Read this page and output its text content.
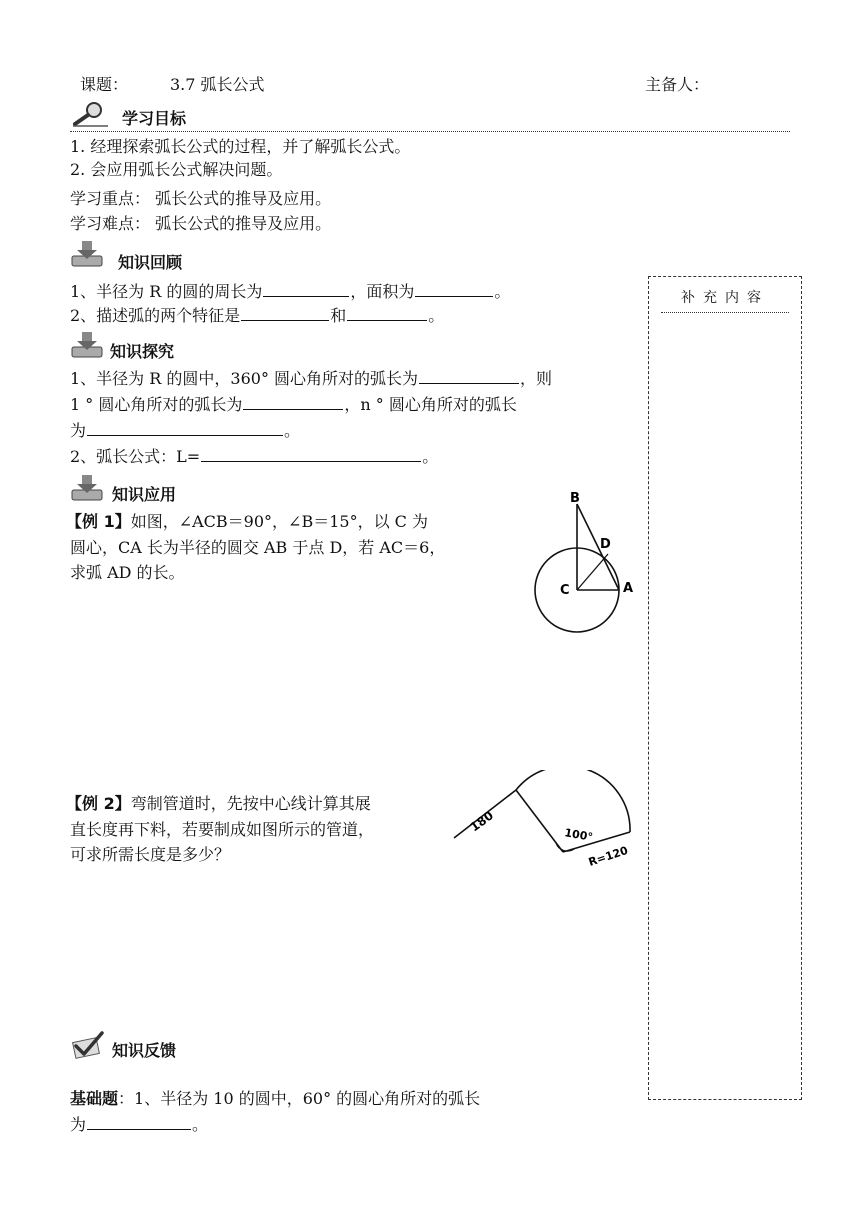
课题：	3.7 弧长公式	主备人：
学习目标
1. 经理探索弧长公式的过程，并了解弧长公式。
2. 会应用弧长公式解决问题。
学习重点： 弧长公式的推导及应用。
学习难点： 弧长公式的推导及应用。
知识回顾
1、半径为 R 的圆的周长为	，面积为	。
2、描述弧的两个特征是	和	。
知识探究
1、半径为 R 的圆中，360° 圆心角所对的弧长为	，则
1 ° 圆心角所对的弧长为	，n ° 圆心角所对的弧长
为	。
2、弧长公式：L=	。
知识应用
【例 1】如图，∠ACB＝90°，∠B＝15°，以 C 为
圆心，CA 长为半径的圆交 AB 于点 D，若 AC＝6，
求弧 AD 的长。
B
D
C	A
【例 2】弯制管道时，先按中心线计算其展
直长度再下料，若要制成如图所示的管道，
可求所需长度是多少？
180
100°
R=120
知识反馈
基础题：1、半径为 10 的圆中，60° 的圆心角所对的弧长
为	。
补充内容
